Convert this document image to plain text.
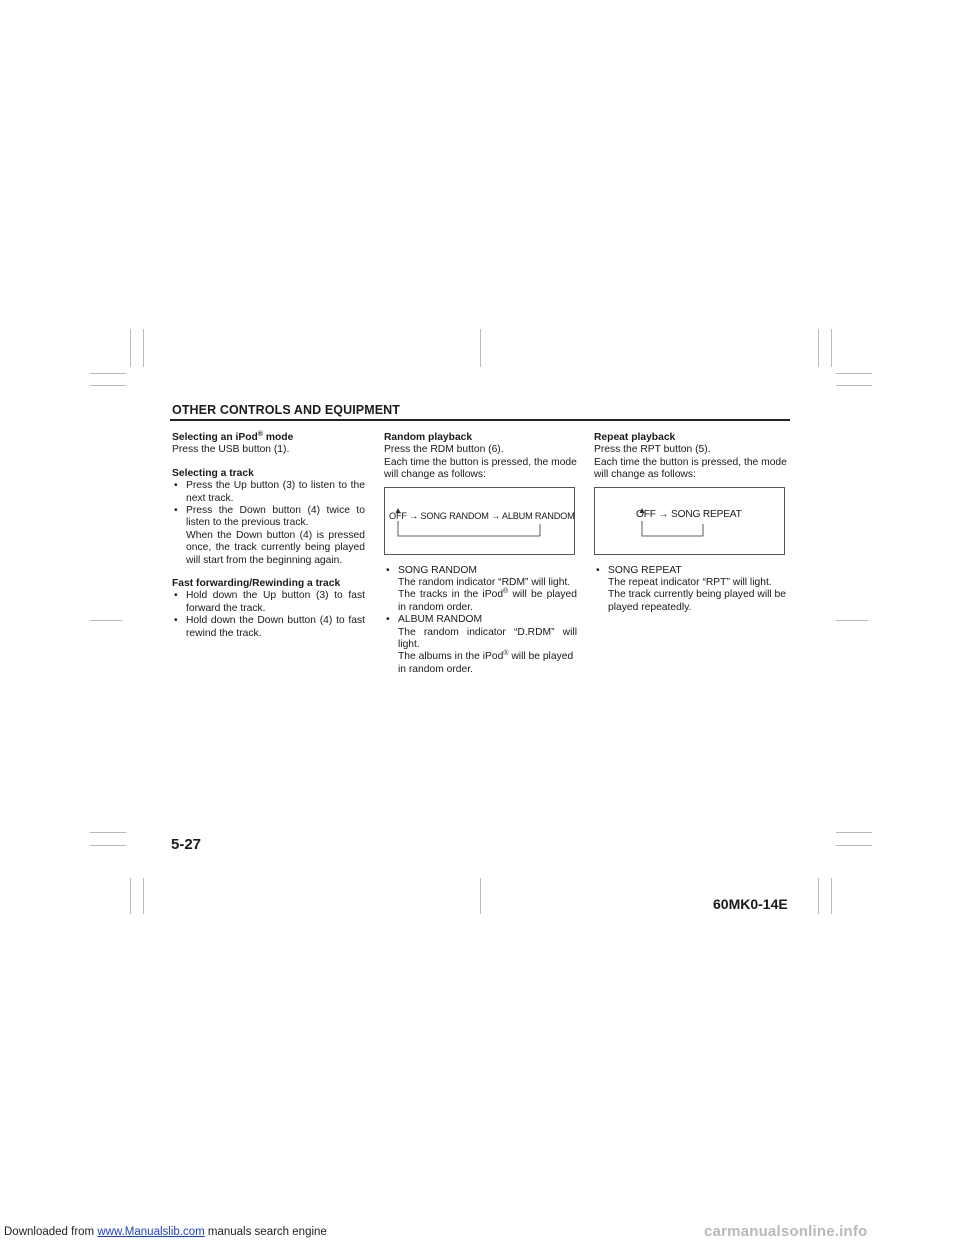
OTHER CONTROLS AND EQUIPMENT
Selecting an iPod® mode

Press the USB button (1).

Selecting a track
• Press the Up button (3) to listen to the next track.
• Press the Down button (4) twice to listen to the previous track.
When the Down button (4) is pressed once, the track currently being played will start from the beginning again.
Fast forwarding/Rewinding a track
• Hold down the Up button (3) to fast forward the track.
• Hold down the Down button (4) to fast rewind the track.
Random playback

Press the RDM button (6).

Each time the button is pressed, the mode will change as follows:

OFF → SONG RANDOM → ALBUM RANDOM
• SONG RANDOM
The random indicator “RDM” will light.
The tracks in the iPod® will be played in random order.
• ALBUM RANDOM
The random indicator “D.RDM” will light.
The albums in the iPod® will be played in random order.
Repeat playback

Press the RPT button (5).

Each time the button is pressed, the mode will change as follows:

OFF → SONG REPEAT
• SONG REPEAT
The repeat indicator “RPT” will light.
The track currently being played will be played repeatedly.
5-27
60MK0-14E
Downloaded from www.Manualslib.com manuals search engine	carmanualsonline.info
